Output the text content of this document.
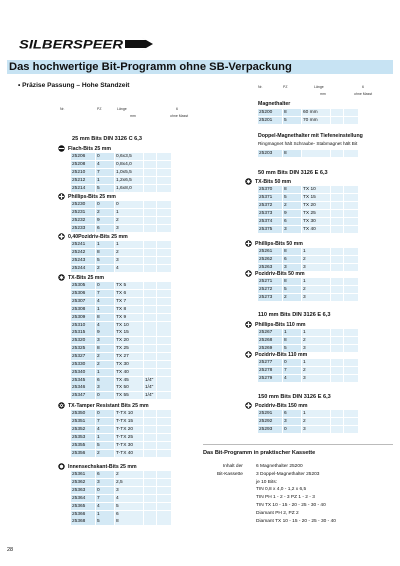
SILBERSPEER
Das hochwertige Bit-Programm ohne SB-Verpackung
• Präzise Passung – Hohe Standzeit
Nr.	PZ	Länge
mm
6
ohne Masst
Nr.	PZ	Länge
mm
6
ohne Masst
25 mm Bits DIN 3126 C 6,3
Flach-Bits 25 mm
25206	0	0,6x3,5
25208	4	0,8x4,0
25210	7	1,0x5,5
25212	1	1,2x6,5
25214	5	1,6x8,0
Phillips-Bits 25 mm
25230	0	0
25231	2	1
25232	9	2
25233	6	3
0,40Pozidriv-Bits 25 mm
25241	1	1
25242	8	2
25243	5	3
25244	2	4
TX-Bits 25 mm
25305	0	TX 5
25306	7	TX 6
25307	4	TX 7
25308	1	TX 8
25309	8	TX 9
25310	4	TX 10
25315	9	TX 15
25320	3	TX 20
25325	8	TX 25
25327	2	TX 27
25330	2	TX 30
25340	1	TX 40
25345	6	TX 45	1/4"
25346	3	TX 50	1/4"
25347	0	TX 55	1/4"
TX-Tamper Resistant Bits 25 mm
25350	0	T-TX 10
25351	7	T-TX 15
25352	4	T-TX 20
25353	1	T-TX 25
25355	5	T-TX 30
25356	2	T-TX 40
Innensechskant-Bits 25 mm
25361	6	2
25362	3	2,5
25363	0	3
25364	7	4
25365	4	5
25366	1	6
25368	5	8
Magnethalter
25200	8	60 mm
25201	5	70 mm
Doppel-Magnethalter mit Tiefeneinstellung
Ringmagnet hält Schraube- Stabmagnet hält Bit
25203	8
50 mm Bits DIN 3126 E 6,3
110 mm Bits DIN 3126 E 6,3
150 mm Bits DIN 3126 E 6,3
TX-Bits 50 mm
25370	8	TX 10
25371	5	TX 15
25372	2	TX 20
25373	9	TX 25
25374	6	TX 30
25375	3	TX 40
Phillips-Bits 50 mm
25261	8	1
25262	6	2
25263	3	3
Pozidriv-Bits 50 mm
25271	8	1
25272	5	2
25273	2	3
Phillips-Bits 110 mm
25267	1	1
25268	8	2
25269	5	3
Pozidriv-Bits 110 mm
25277	0	1
25278	7	2
25279	4	3
Pozidriv-Bits 150 mm
25291	6	1
25292	3	2
25293	0	3
Das Bit-Programm in praktischer Kassette
Inhalt der
Bit-Kassette
6 Magnethalter 25200
3 Doppel-Magnethalter 25203
je 10 Bits:
TIN 0,8 x 4,0 - 1,2 x 6,5
TIN PH 1 - 2 - 3 PZ 1 - 2 - 3
TIN TX 10 - 15 - 20 - 25 - 30 - 40
Diamant PH 2, PZ 2
Diamant TX 10 - 15 - 20 - 25 - 30 - 40
28
